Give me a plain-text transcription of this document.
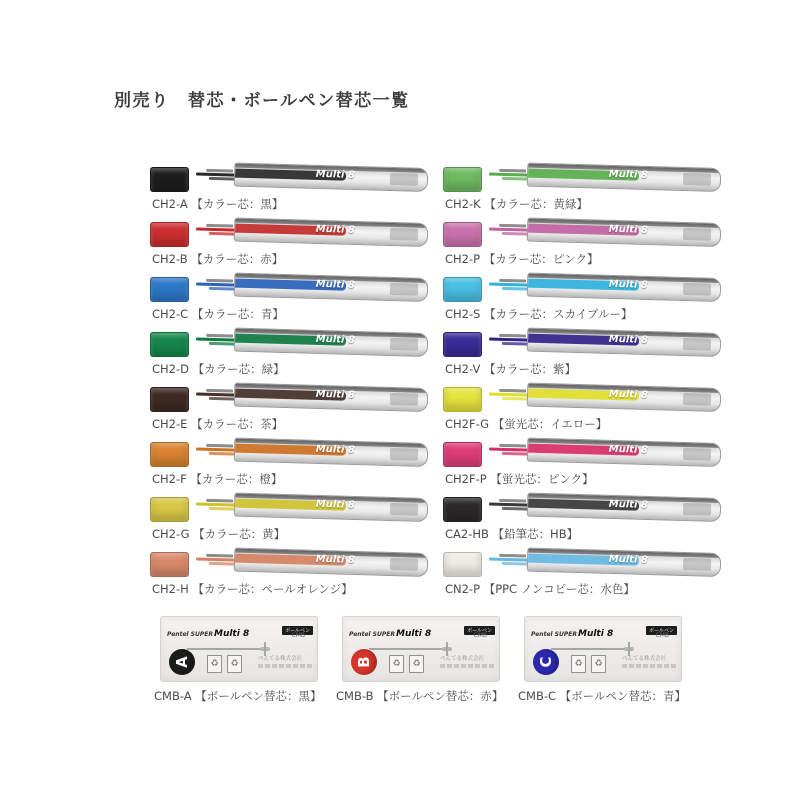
別売り　替芯・ボールペン替芯一覧
Multi 8
CH2-A 【カラー芯：黒】
Multi 8
CH2-B 【カラー芯：赤】
Multi 8
CH2-C 【カラー芯：青】
Multi 8
CH2-D 【カラー芯：緑】
Multi 8
CH2-E 【カラー芯：茶】
Multi 8
CH2-F 【カラー芯：橙】
Multi 8
CH2-G 【カラー芯：黄】
Multi 8
CH2-H 【カラー芯：ペールオレンジ】
Multi 8
CH2-K 【カラー芯：黄緑】
Multi 8
CH2-P 【カラー芯：ピンク】
Multi 8
CH2-S 【カラー芯：スカイブルー】
Multi 8
CH2-V 【カラー芯：紫】
Multi 8
CH2F-G 【蛍光芯：イエロー】
Multi 8
CH2F-P 【蛍光芯：ピンク】
Multi 8
CA2-HB 【鉛筆芯：HB】
Multi 8
CN2-P 【PPC ノンコピー芯：水色】
Pentel SUPERMulti 8	ボールペン
CMB
A	♻	♻	ぺんてる株式会社
CMB-A 【ボールペン替芯：黒】
Pentel SUPERMulti 8	ボールペン
CMB
B	♻	♻	ぺんてる株式会社
CMB-B 【ボールペン替芯：赤】
Pentel SUPERMulti 8	ボールペン
CMB
C	♻	♻	ぺんてる株式会社
CMB-C 【ボールペン替芯：青】
